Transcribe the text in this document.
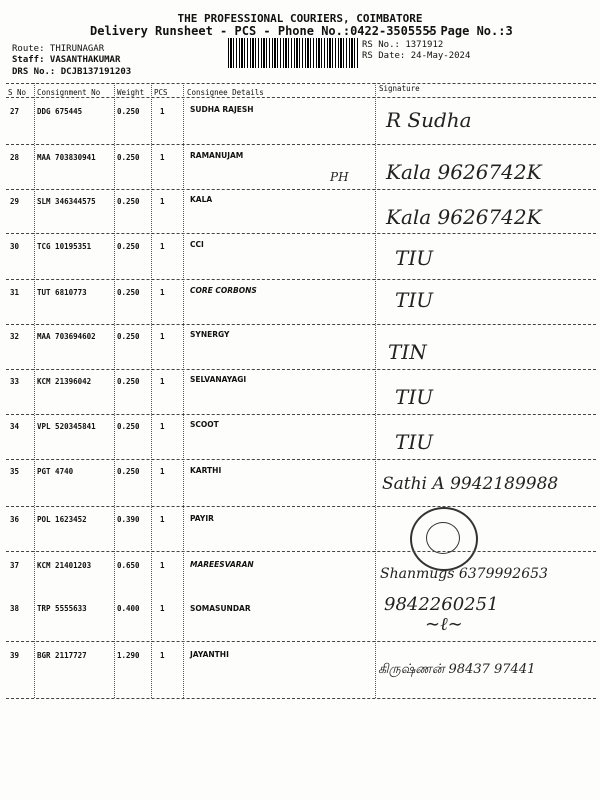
THE PROFESSIONAL COURIERS, COIMBATORE
Delivery Runsheet - PCS - Phone No.:0422-3505555
- Page No.:3
Route: THIRUNAGAR
Staff: VASANTHAKUMAR
DRS No.: DCJB137191203
RS No.: 1371912
RS Date: 24-May-2024
S No Consignment No Weight PCS	Consignee Details	Signature
27 DDG 675445	0.250	1	SUDHA RAJESH	R Sudha
28 MAA 703830941	0.250	1	RAMANUJAM
PH Kala 9626742K
29 SLM 346344575	0.250	1	KALA
Kala 9626742K
30 TCG 10195351	0.250	1	CCI
TIU
31 TUT 6810773	0.250	1	CORE CORBONS	TIU
32 MAA 703694602	0.250	1	SYNERGY
TIN
33 KCM 21396042	0.250	1	SELVANAYAGI
TIU
34 VPL 520345841	0.250	1	SCOOT
TIU
35 PGT 4740	0.250	1	KARTHI
Sathi A 9942189988
36 POL 1623452	0.390	1	PAYIR
37 KCM 21401203	0.650	1	MAREESVARAN
Shanmugs 6379992653
38 TRP 5555633	0.400	1	SOMASUNDAR	9842260251
∼ℓ∼
39 BGR 2117727	1.290	1	JAYANTHI
கிருஷ்ணன் 98437 97441
